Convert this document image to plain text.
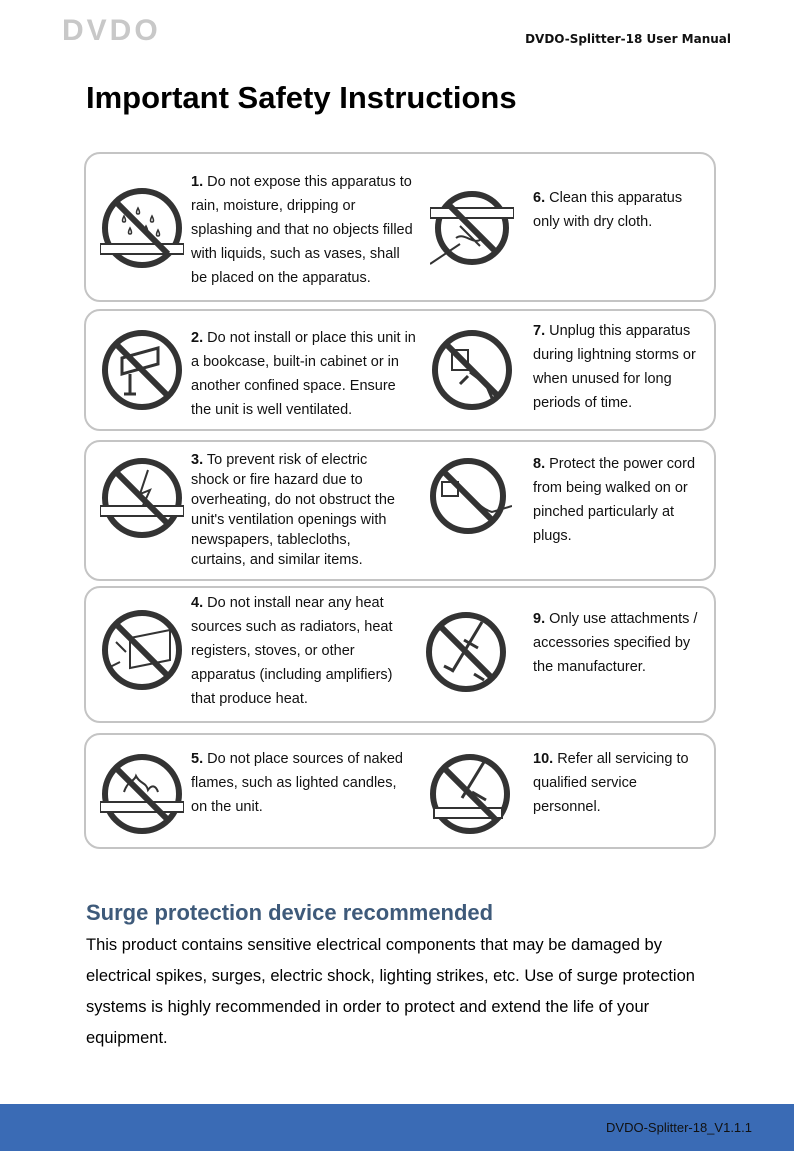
DVDO	DVDO-Splitter-18 User Manual
Important Safety Instructions
1. Do not expose this apparatus to rain, moisture, dripping or splashing and that no objects filled with liquids, such as vases, shall be placed on the apparatus.
6. Clean this apparatus only with dry cloth.
2. Do not install or place this unit in a bookcase, built-in cabinet or in another confined space. Ensure the unit is well ventilated.
7. Unplug this apparatus during lightning storms or when unused for long periods of time.
3. To prevent risk of electric shock or fire hazard due to overheating, do not obstruct the unit's ventilation openings with newspapers, tablecloths, curtains, and similar items.
8. Protect the power cord from being walked on or pinched particularly at plugs.
4. Do not install near any heat sources such as radiators, heat registers, stoves, or other apparatus (including amplifiers) that produce heat.
9. Only use attachments / accessories specified by the manufacturer.
5. Do not place sources of naked flames, such as lighted candles, on the unit.
10. Refer all servicing to qualified service personnel.
Surge protection device recommended

This product contains sensitive electrical components that may be damaged by electrical spikes, surges, electric shock, lighting strikes, etc. Use of surge protection systems is highly recommended in order to protect and extend the life of your equipment.

DVDO-Splitter-18_V1.1.1
